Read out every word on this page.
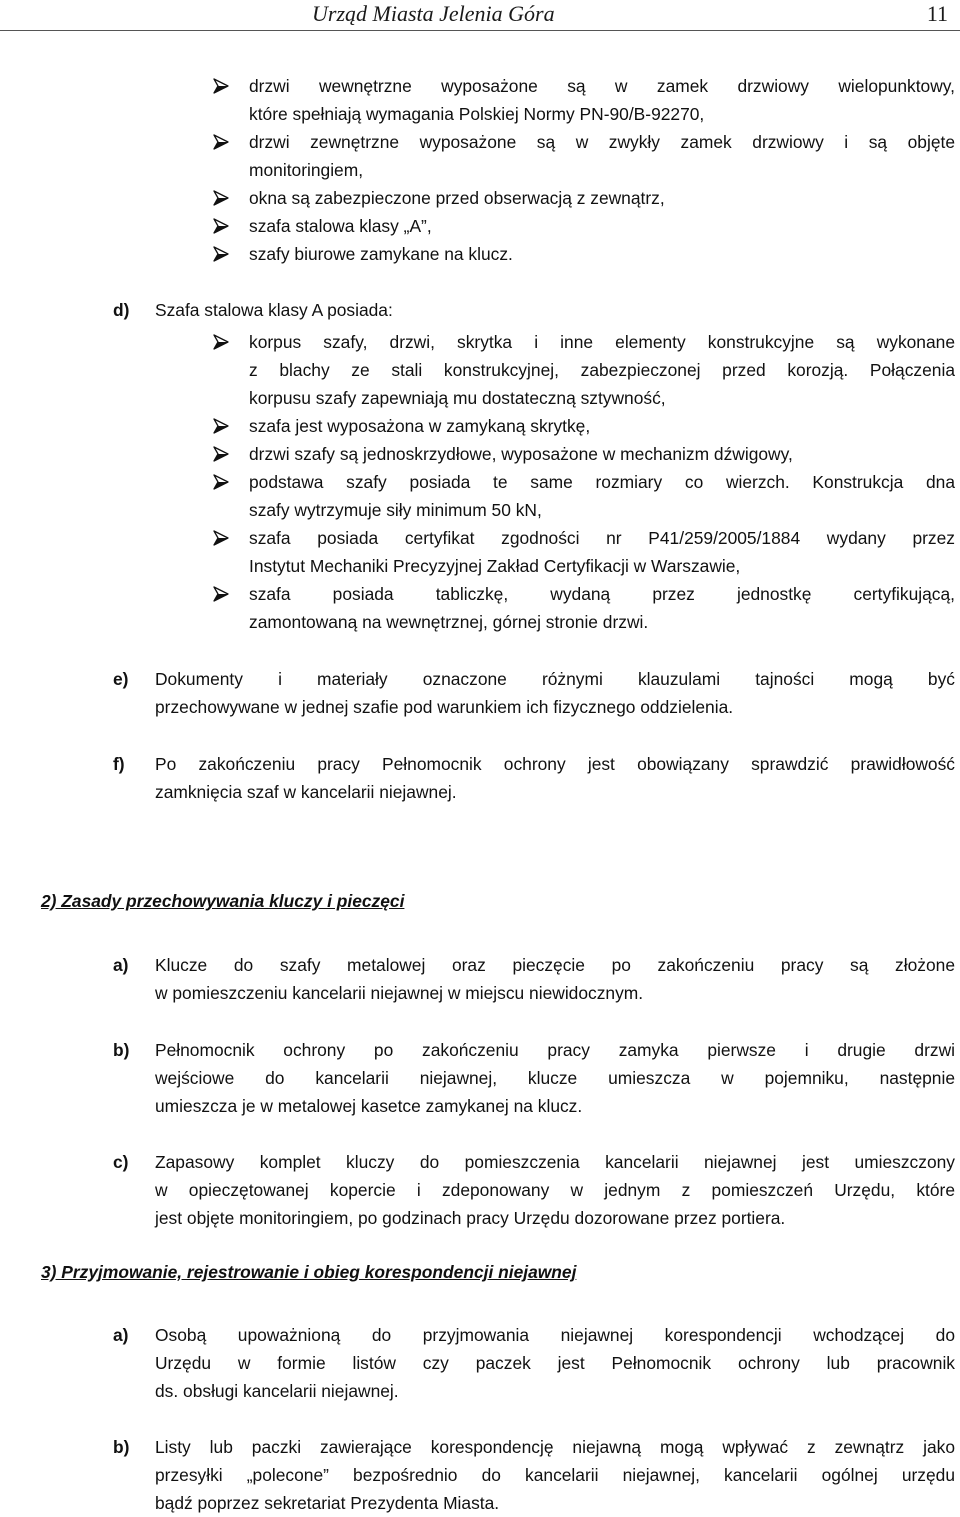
Urząd Miasta Jelenia Góra	11
drzwi wewnętrzne wyposażone są w zamek drzwiowy wielopunktowy,
które spełniają wymagania Polskiej Normy PN-90/B-92270,
drzwi zewnętrzne wyposażone są w zwykły zamek drzwiowy i są objęte
monitoringiem,
okna są zabezpieczone przed obserwacją z zewnątrz,
szafa stalowa klasy „A”,
szafy biurowe zamykane na klucz.
d) Szafa stalowa klasy A posiada:
korpus szafy, drzwi, skrytka i inne elementy konstrukcyjne są wykonane
z blachy ze stali konstrukcyjnej, zabezpieczonej przed korozją. Połączenia
korpusu szafy zapewniają mu dostateczną sztywność,
szafa jest wyposażona w zamykaną skrytkę,
drzwi szafy są jednoskrzydłowe, wyposażone w mechanizm dźwigowy,
podstawa szafy posiada te same rozmiary co wierzch. Konstrukcja dna
szafy wytrzymuje siły minimum 50 kN,
szafa posiada certyfikat zgodności nr P41/259/2005/1884 wydany przez
Instytut Mechaniki Precyzyjnej Zakład Certyfikacji w Warszawie,
szafa posiada tabliczkę, wydaną przez jednostkę certyfikującą,
zamontowaną na wewnętrznej, górnej stronie drzwi.
e) Dokumenty i materiały oznaczone różnymi klauzulami tajności mogą być
przechowywane w jednej szafie pod warunkiem ich fizycznego oddzielenia.
f) Po zakończeniu pracy Pełnomocnik ochrony jest obowiązany sprawdzić prawidłowość
zamknięcia szaf w kancelarii niejawnej.
2) Zasady przechowywania kluczy i pieczęci
a) Klucze do szafy metalowej oraz pieczęcie po zakończeniu pracy są złożone
w pomieszczeniu kancelarii niejawnej w miejscu niewidocznym.
b) Pełnomocnik ochrony po zakończeniu pracy zamyka pierwsze i drugie drzwi
wejściowe do kancelarii niejawnej, klucze umieszcza w pojemniku, następnie
umieszcza je w metalowej kasetce zamykanej na klucz.
c) Zapasowy komplet kluczy do pomieszczenia kancelarii niejawnej jest umieszczony
w opieczętowanej kopercie i zdeponowany w jednym z pomieszczeń Urzędu, które
jest objęte monitoringiem, po godzinach pracy Urzędu dozorowane przez portiera.
3) Przyjmowanie, rejestrowanie i obieg korespondencji niejawnej
a) Osobą upoważnioną do przyjmowania niejawnej korespondencji wchodzącej do
Urzędu w formie listów czy paczek jest Pełnomocnik ochrony lub pracownik
ds. obsługi kancelarii niejawnej.
b) Listy lub paczki zawierające korespondencję niejawną mogą wpływać z zewnątrz jako
przesyłki „polecone” bezpośrednio do kancelarii niejawnej, kancelarii ogólnej urzędu
bądź poprzez sekretariat Prezydenta Miasta.
